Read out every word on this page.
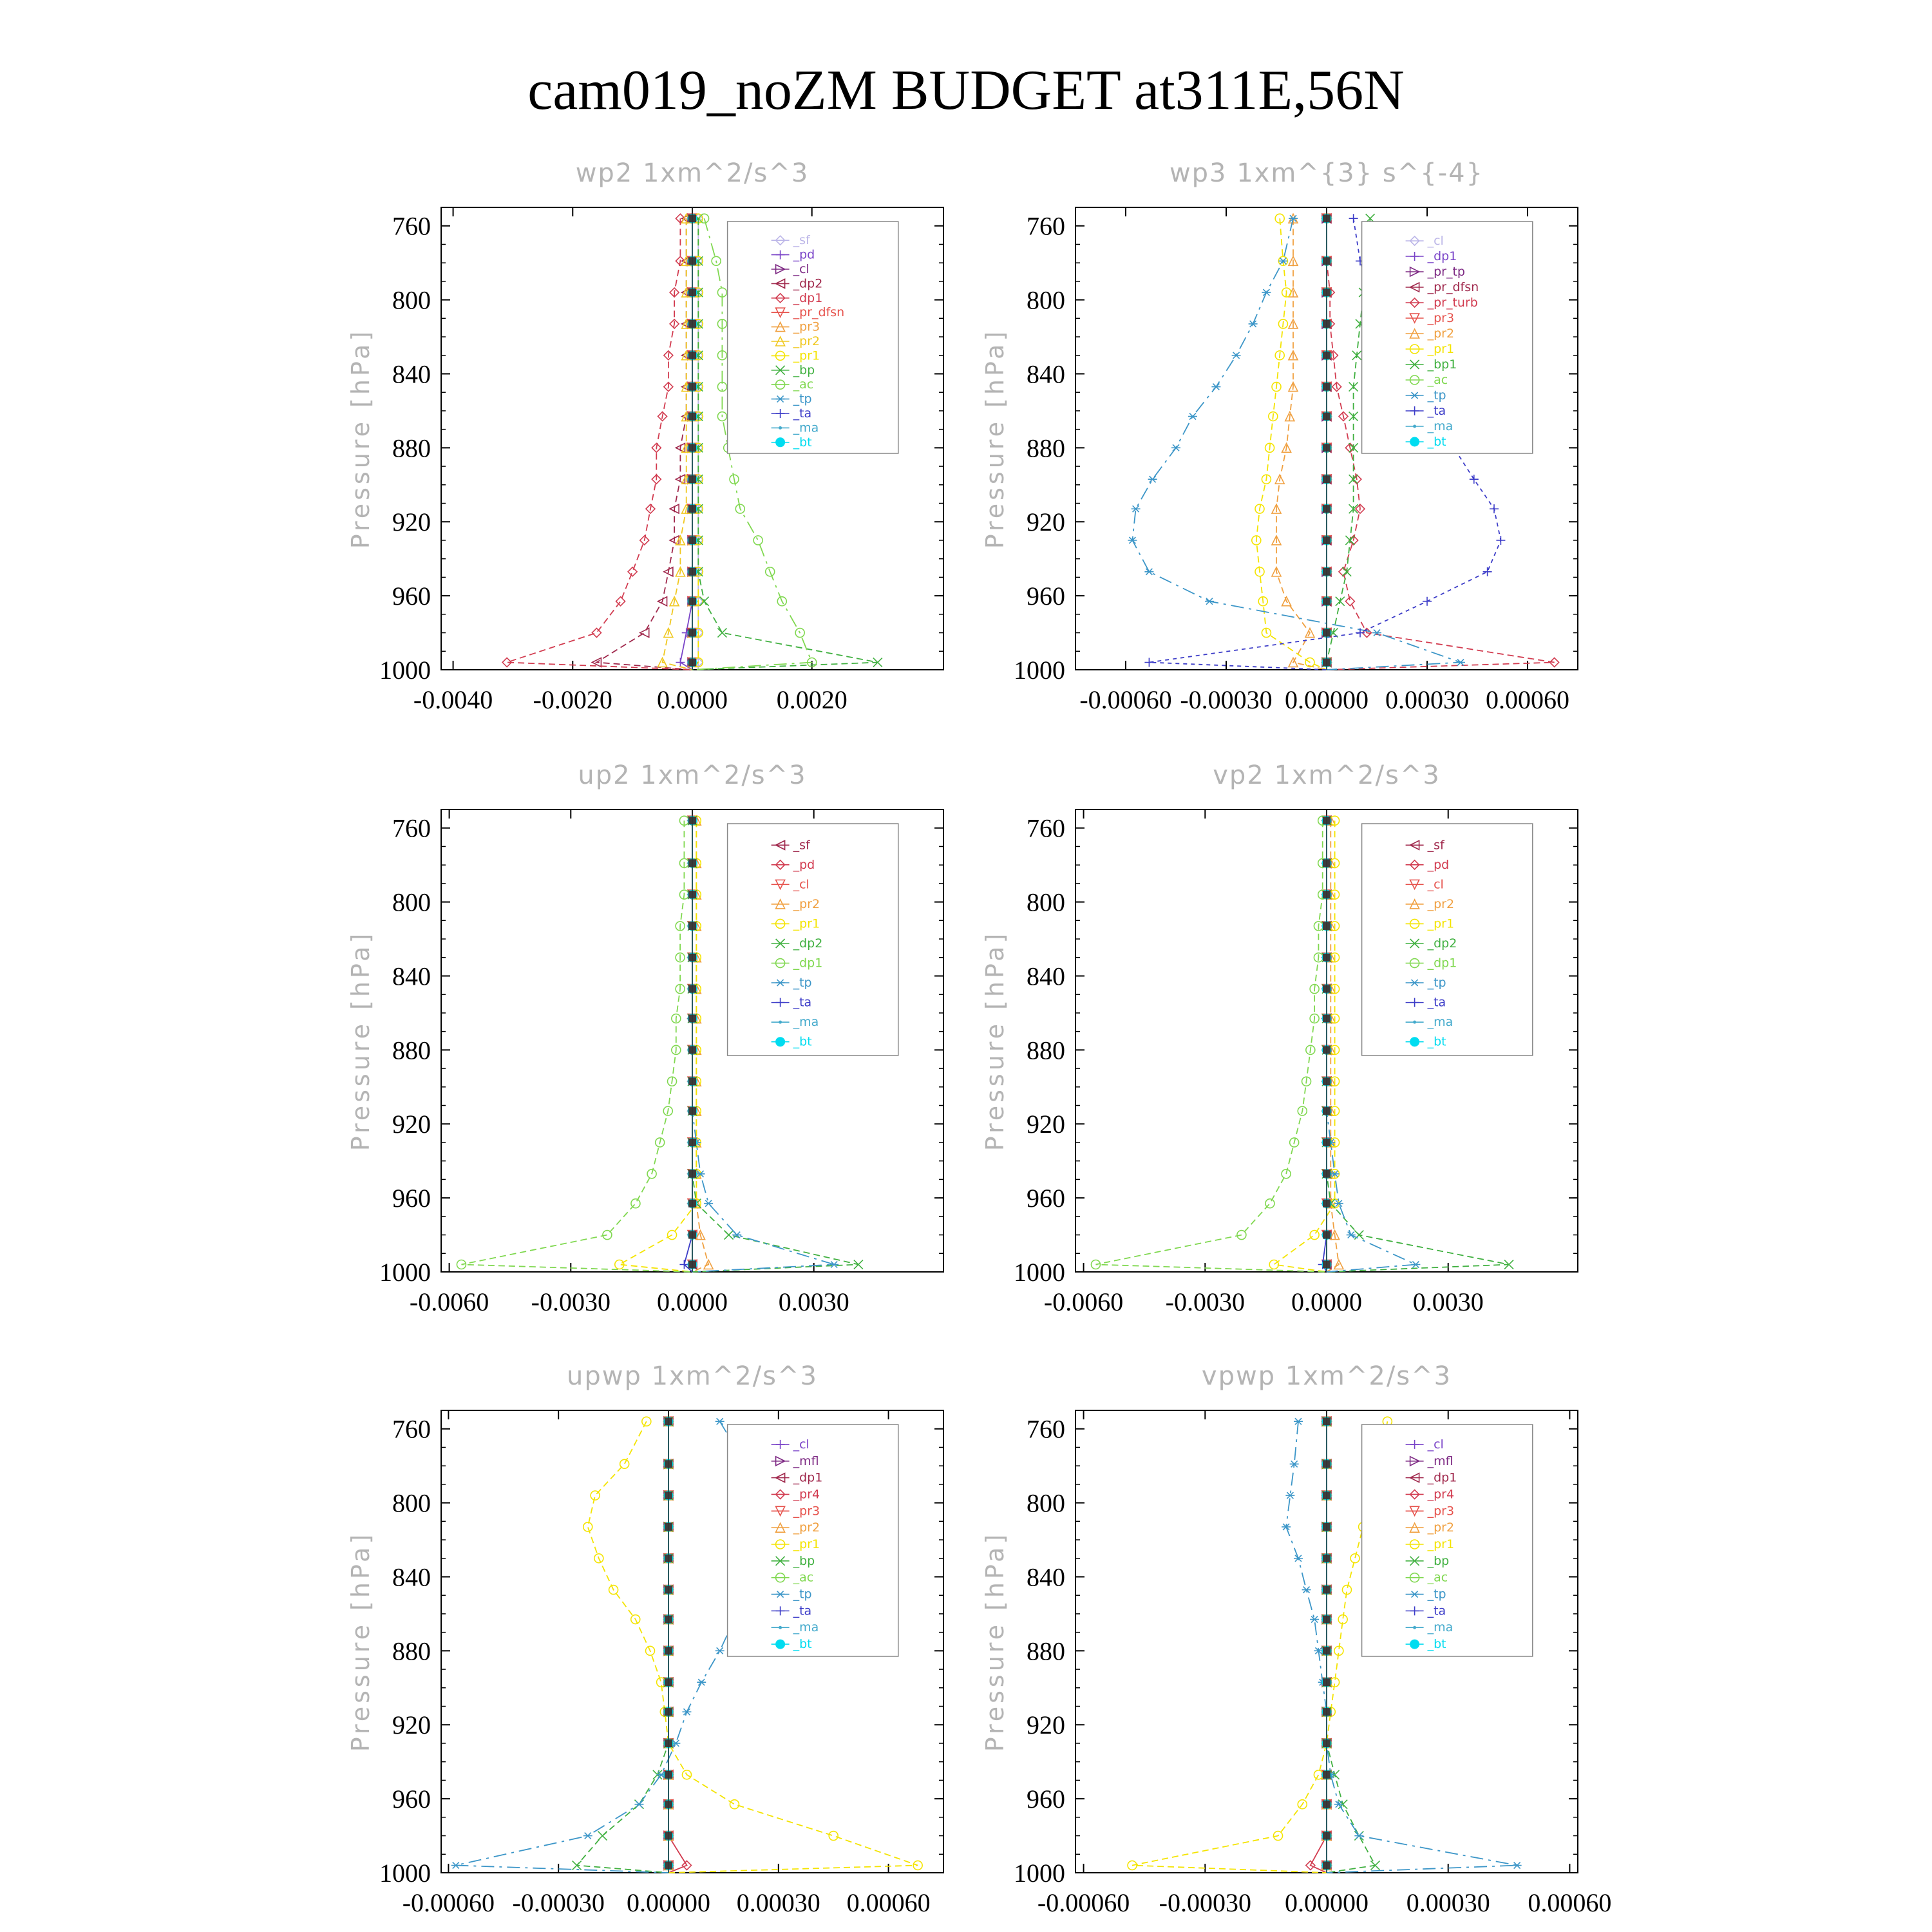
cam019_noZM BUDGET at311E,56N
wp2 1xm^2/s^3
Pressure [hPa]
760
800
840
880
920
960
1000
-0.0040 -0.0020 0.0000 0.0020
_sf
_pd
_cl
_dp2
_dp1
_pr_dfsn
_pr3
_pr2
_pr1
_bp
_ac
_tp
_ta
_ma
_bt
wp3 1xm^{3} s^{-4}
Pressure [hPa]
760
800
840
880
920
960
1000
-0.00060 -0.00030 0.00000 0.00030 0.00060
_cl
_dp1
_pr_tp
_pr_dfsn
_pr_turb
_pr3
_pr2
_pr1
_bp1
_ac
_tp
_ta
_ma
_bt
up2 1xm^2/s^3
Pressure [hPa]
760
800
840
880
920
960
1000
-0.0060 -0.0030 0.0000 0.0030
_sf
_pd
_cl
_pr2
_pr1
_dp2
_dp1
_tp
_ta
_ma
_bt
vp2 1xm^2/s^3
Pressure [hPa]
760
800
840
880
920
960
1000
-0.0060 -0.0030 0.0000 0.0030
_sf
_pd
_cl
_pr2
_pr1
_dp2
_dp1
_tp
_ta
_ma
_bt
upwp 1xm^2/s^3
Pressure [hPa]
760
800
840
880
920
960
1000
-0.00060 -0.00030 0.00000 0.00030 0.00060
_cl
_mfl
_dp1
_pr4
_pr3
_pr2
_pr1
_bp
_ac
_tp
_ta
_ma
_bt
vpwp 1xm^2/s^3
Pressure [hPa]
760
800
840
880
920
960
1000
-0.00060 -0.00030 0.00000 0.00030 0.00060
_cl
_mfl
_dp1
_pr4
_pr3
_pr2
_pr1
_bp
_ac
_tp
_ta
_ma
_bt
